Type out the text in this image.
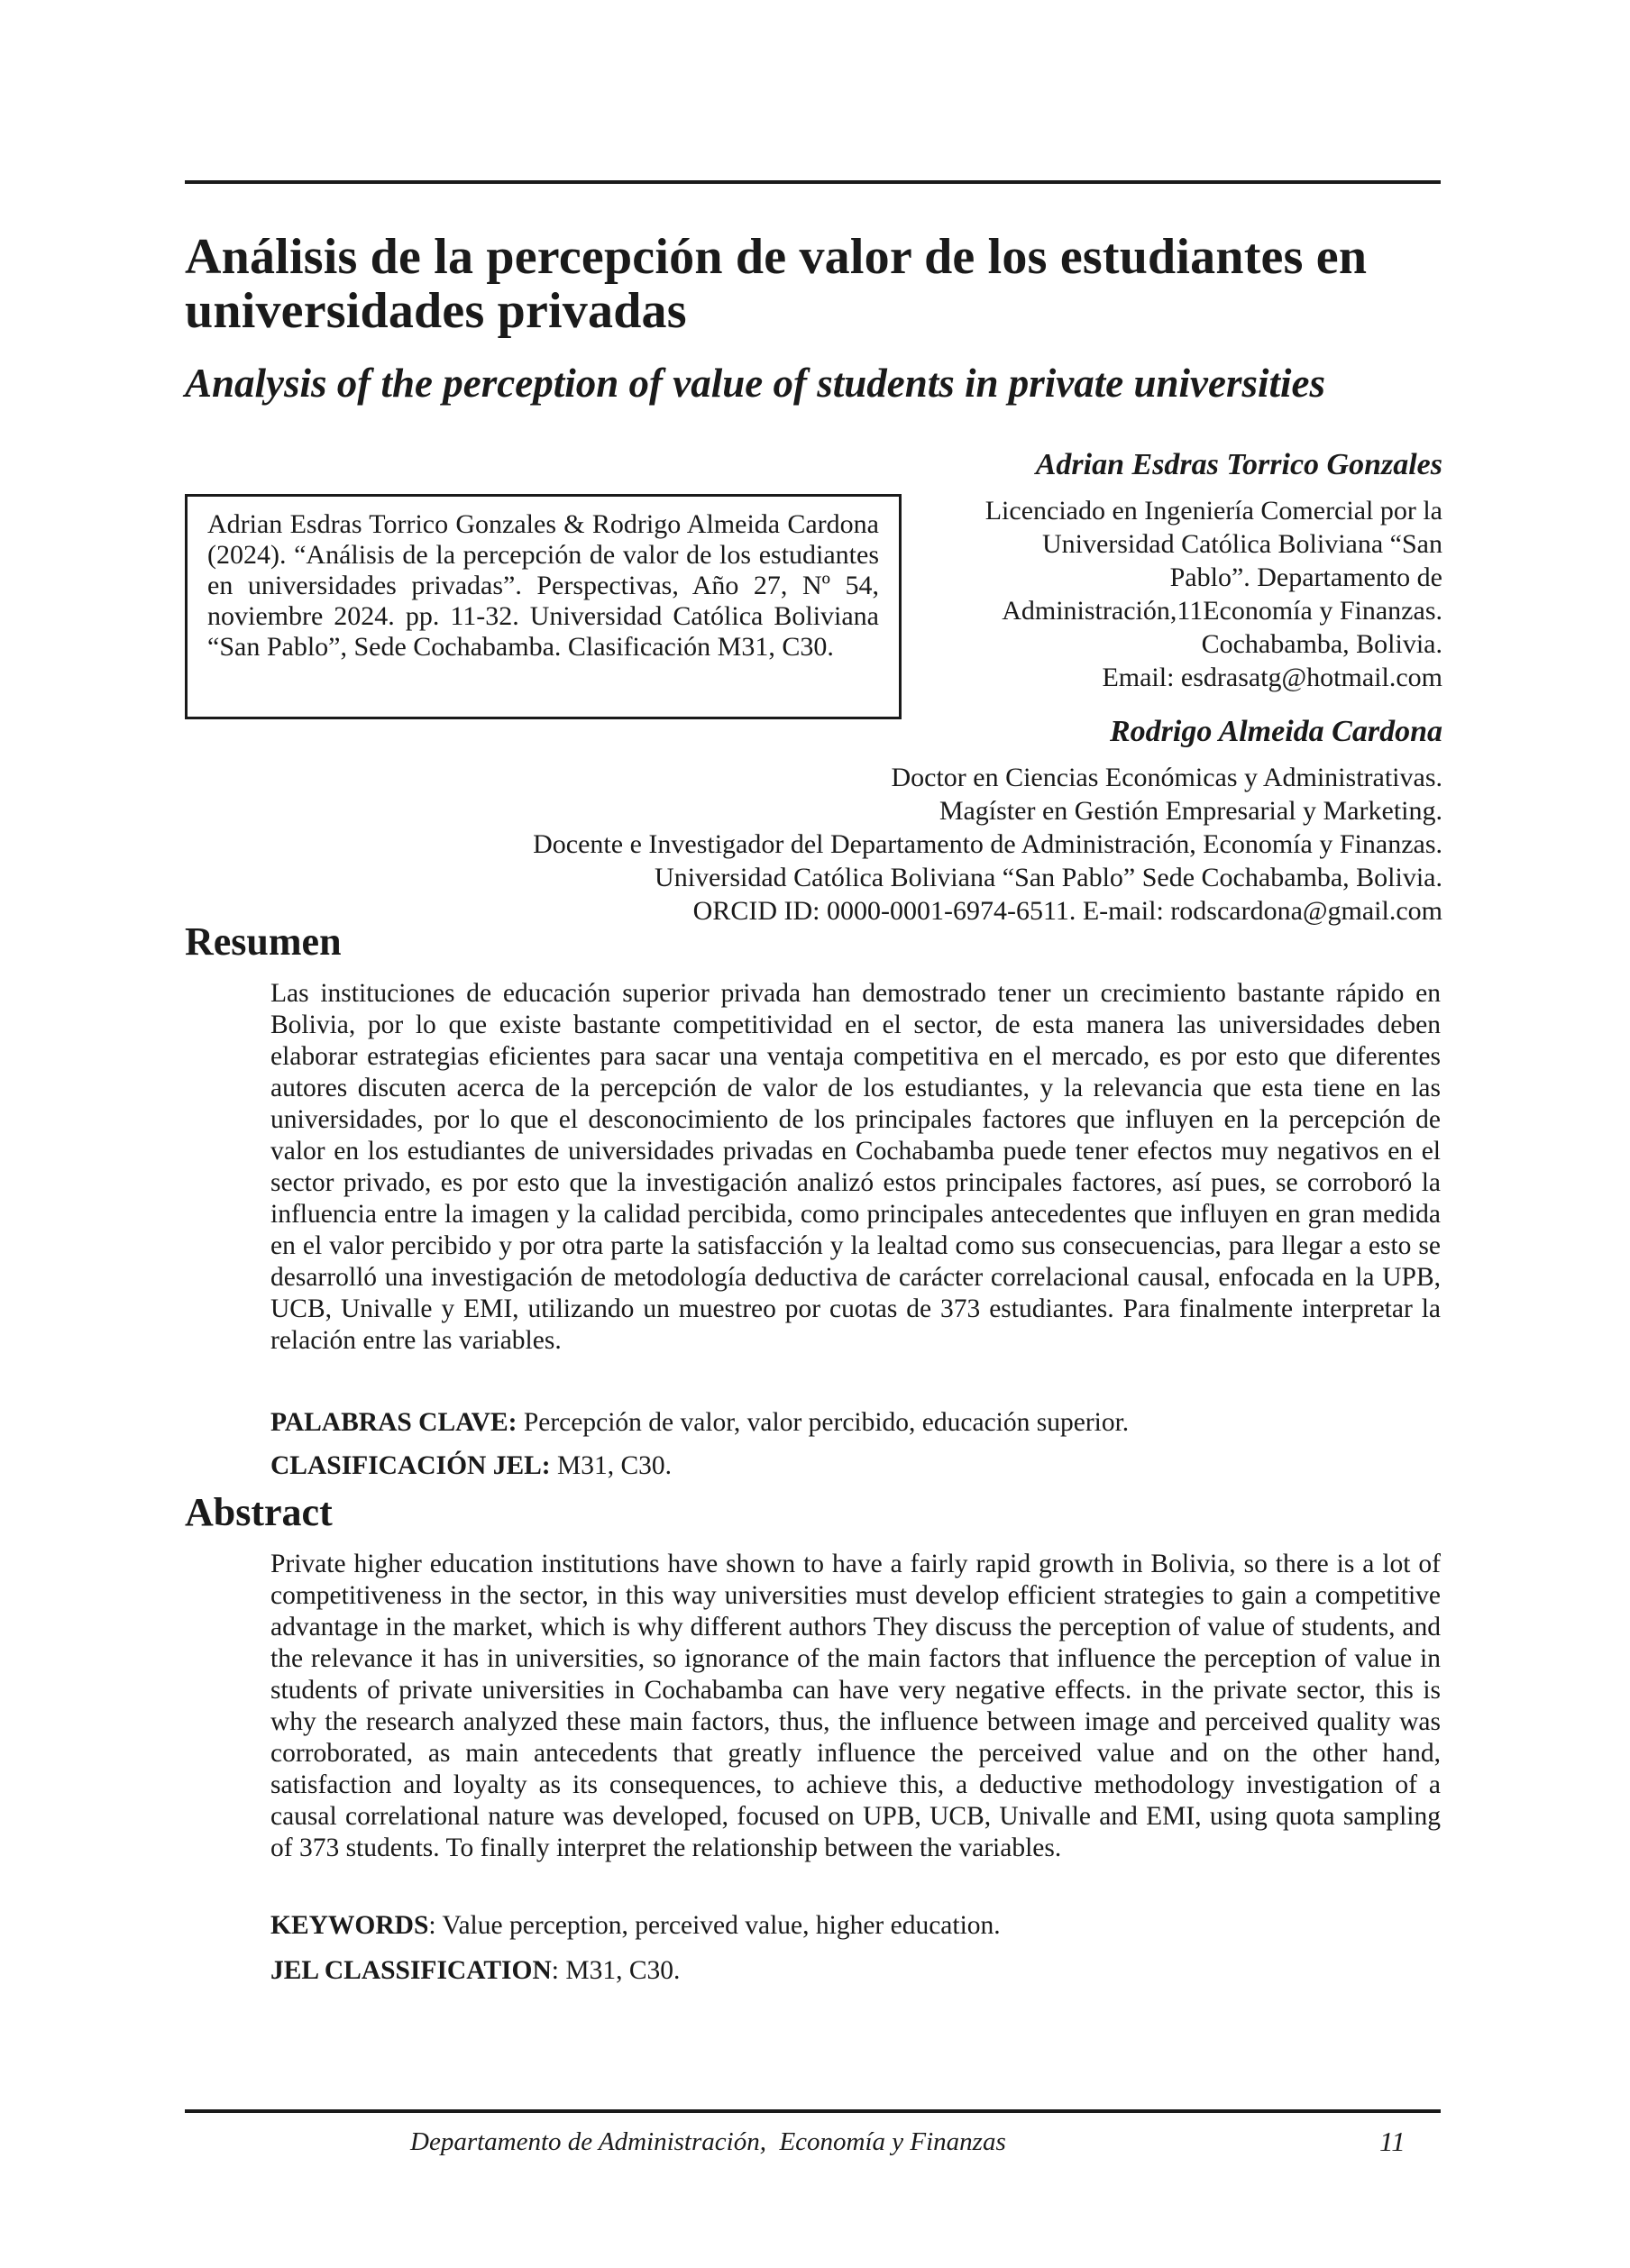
Análisis de la percepción de valor de los estudiantes en universidades privadas
Analysis of the perception of value of students in private universities
Adrian Esdras Torrico Gonzales & Rodrigo Almeida Cardona (2024). “Análisis de la percepción de valor de los estudiantes en universidades privadas”. Perspectivas, Año 27, Nº 54, noviembre 2024. pp. 11-32. Universidad Católica Boliviana “San Pablo”, Sede Cochabamba. Clasificación M31, C30.
Adrian Esdras Torrico Gonzales
Licenciado en Ingeniería Comercial por la
Universidad Católica Boliviana “San
Pablo”. Departamento de
Administración,11Economía y Finanzas.
Cochabamba, Bolivia.
Email: esdrasatg@hotmail.com
Rodrigo Almeida Cardona
Doctor en Ciencias Económicas y Administrativas.
Magíster en Gestión Empresarial y Marketing.
Docente e Investigador del Departamento de Administración, Economía y Finanzas.
Universidad Católica Boliviana “San Pablo” Sede Cochabamba, Bolivia.
ORCID ID: 0000-0001-6974-6511. E-mail: rodscardona@gmail.com
Resumen

Las instituciones de educación superior privada han demostrado tener un crecimiento bastante rápido en Bolivia, por lo que existe bastante competitividad en el sector, de esta manera las universidades deben elaborar estrategias eficientes para sacar una ventaja competitiva en el mercado, es por esto que diferentes autores discuten acerca de la percepción de valor de los estudiantes, y la relevancia que esta tiene en las universidades, por lo que el desconocimiento de los principales factores que influyen en la percepción de valor en los estudiantes de universidades privadas en Cochabamba puede tener efectos muy negativos en el sector privado, es por esto que la investigación analizó estos principales factores, así pues, se corroboró la influencia entre la imagen y la calidad percibida, como principales antecedentes que influyen en gran medida en el valor percibido y por otra parte la satisfacción y la lealtad como sus consecuencias, para llegar a esto se desarrolló una investigación de metodología deductiva de carácter correlacional causal, enfocada en la UPB, UCB, Univalle y EMI, utilizando un muestreo por cuotas de 373 estudiantes. Para finalmente interpretar la relación entre las variables.

PALABRAS CLAVE: Percepción de valor, valor percibido, educación superior.

CLASIFICACIÓN JEL: M31, C30.

Abstract

Private higher education institutions have shown to have a fairly rapid growth in Bolivia, so there is a lot of competitiveness in the sector, in this way universities must develop efficient strategies to gain a competitive advantage in the market, which is why different authors They discuss the perception of value of students, and the relevance it has in universities, so ignorance of the main factors that influence the perception of value in students of private universities in Cochabamba can have very negative effects. in the private sector, this is why the research analyzed these main factors, thus, the influence between image and perceived quality was corroborated, as main antecedents that greatly influence the perceived value and on the other hand, satisfaction and loyalty as its consequences, to achieve this, a deductive methodology investigation of a causal correlational nature was developed, focused on UPB, UCB, Univalle and EMI, using quota sampling of 373 students. To finally interpret the relationship between the variables.

KEYWORDS: Value perception, perceived value, higher education.

JEL CLASSIFICATION: M31, C30.

Departamento de Administración,  Economía y Finanzas	11
